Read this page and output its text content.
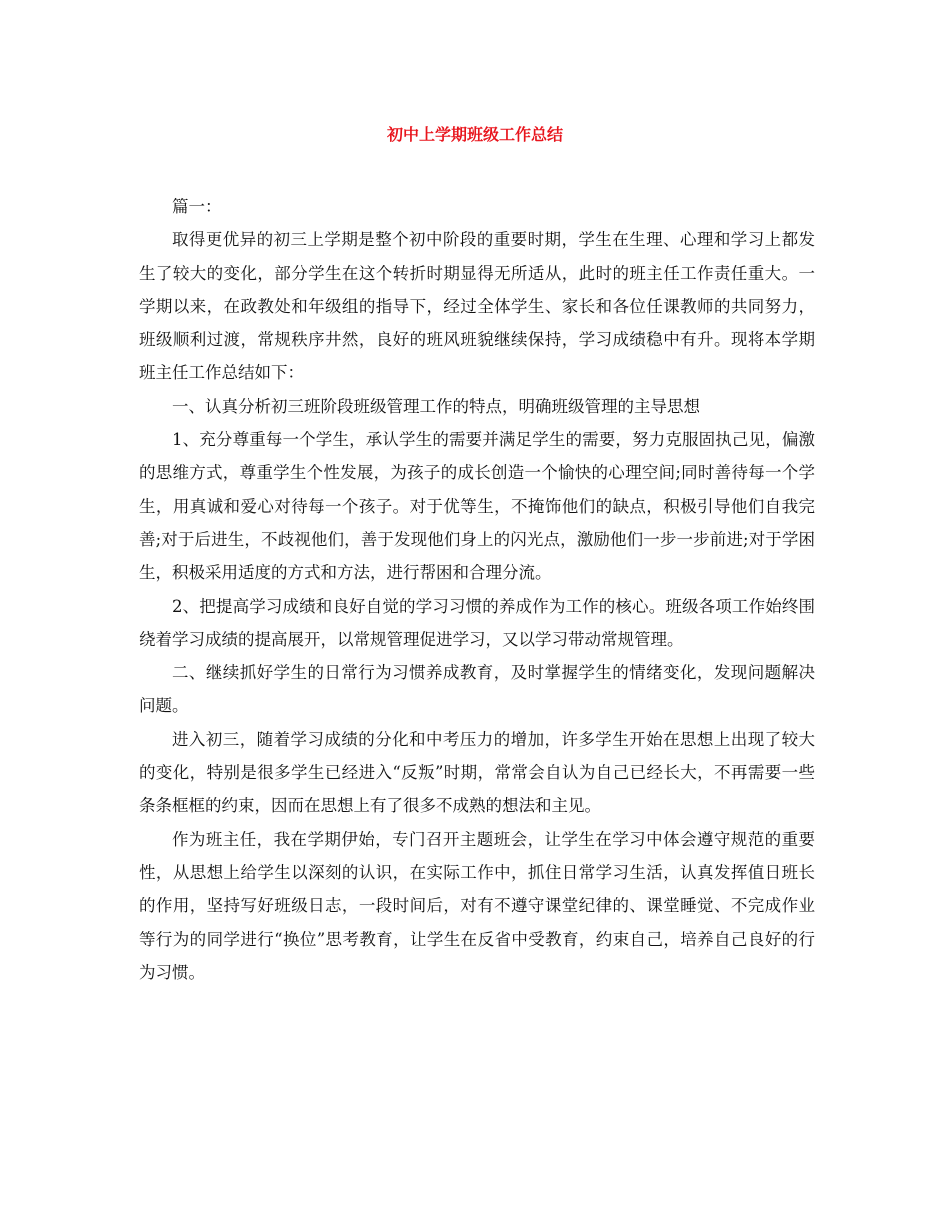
初中上学期班级工作总结

篇一：

取得更优异的初三上学期是整个初中阶段的重要时期，学生在生理、心理和学习上都发生了较大的变化，部分学生在这个转折时期显得无所适从，此时的班主任工作责任重大。一学期以来，在政教处和年级组的指导下，经过全体学生、家长和各位任课教师的共同努力，班级顺利过渡，常规秩序井然，良好的班风班貌继续保持，学习成绩稳中有升。现将本学期班主任工作总结如下：

一、认真分析初三班阶段班级管理工作的特点，明确班级管理的主导思想

1、充分尊重每一个学生，承认学生的需要并满足学生的需要，努力克服固执己见，偏激的思维方式，尊重学生个性发展，为孩子的成长创造一个愉快的心理空间;同时善待每一个学生，用真诚和爱心对待每一个孩子。对于优等生，不掩饰他们的缺点，积极引导他们自我完善;对于后进生，不歧视他们，善于发现他们身上的闪光点，激励他们一步一步前进;对于学困生，积极采用适度的方式和方法，进行帮困和合理分流。

2、把提高学习成绩和良好自觉的学习习惯的养成作为工作的核心。班级各项工作始终围绕着学习成绩的提高展开，以常规管理促进学习，又以学习带动常规管理。

二、继续抓好学生的日常行为习惯养成教育，及时掌握学生的情绪变化，发现问题解决问题。

进入初三，随着学习成绩的分化和中考压力的增加，许多学生开始在思想上出现了较大的变化，特别是很多学生已经进入“反叛”时期，常常会自认为自己已经长大，不再需要一些条条框框的约束，因而在思想上有了很多不成熟的想法和主见。

作为班主任，我在学期伊始，专门召开主题班会，让学生在学习中体会遵守规范的重要性，从思想上给学生以深刻的认识，在实际工作中，抓住日常学习生活，认真发挥值日班长的作用，坚持写好班级日志，一段时间后，对有不遵守课堂纪律的、课堂睡觉、不完成作业等行为的同学进行“换位”思考教育，让学生在反省中受教育，约束自己，培养自己良好的行为习惯。
